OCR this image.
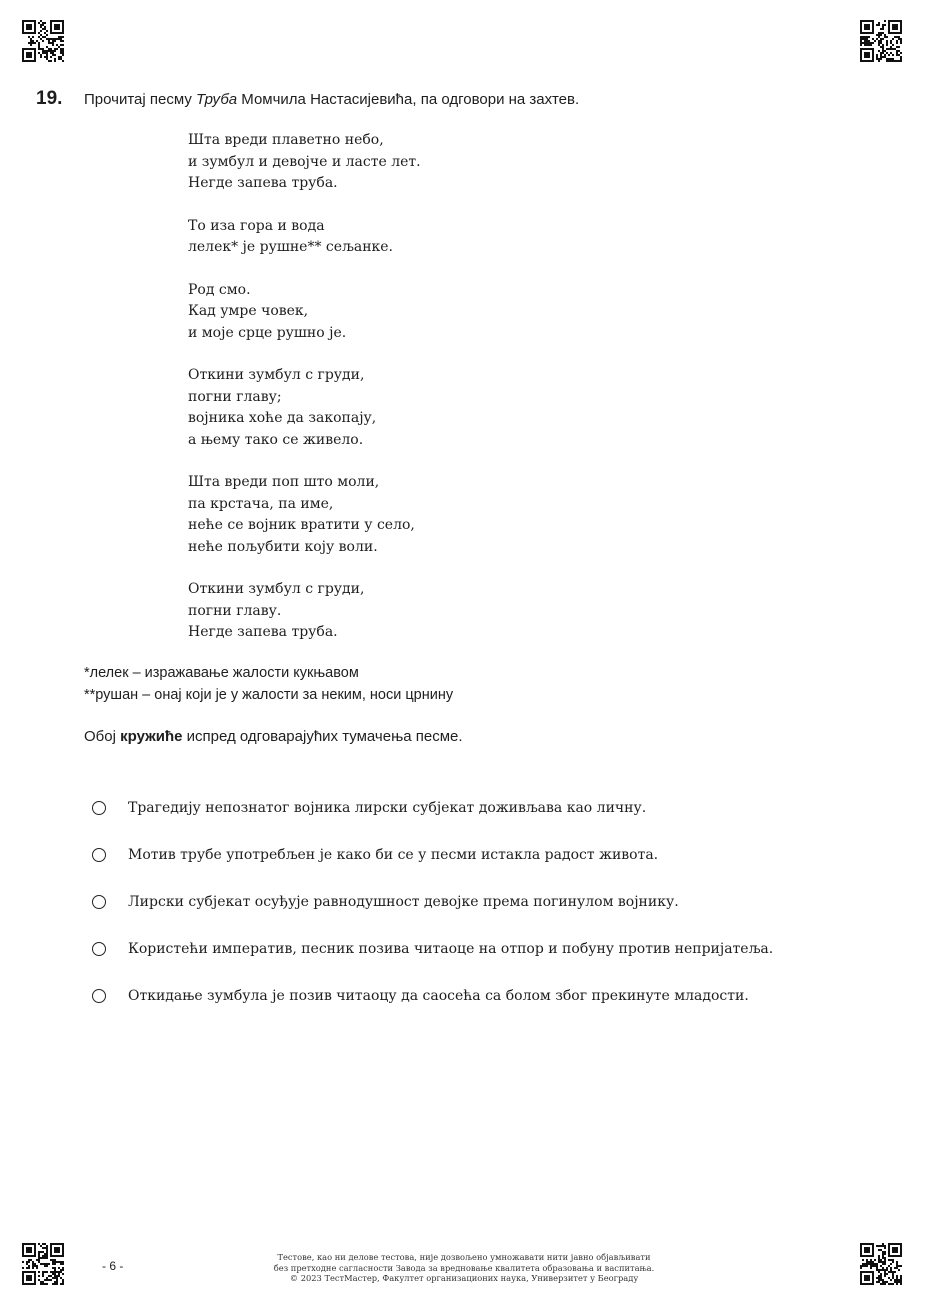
19. Прочитај песму Труба Момчила Настасијевића, па одговори на захтев.
Шта вреди плаветно небо,
и зумбул и девојче и ласте лет.
Негде запева труба.
То иза гора и вода
лелек* је рушне** сељанке.
Род смо.
Кад умре човек,
и моје срце рушно је.
Откини зумбул с груди,
погни главу;
војника хоће да закопају,
а њему тако се живело.
Шта вреди поп што моли,
па крстача, па име,
неће се војник вратити у село,
неће пољубити коју воли.
Откини зумбул с груди,
погни главу.
Негде запева труба.
*лелек – изражавање жалости кукњавом
**рушан – онај који је у жалости за неким, носи црнину
Обој кружиће испред одговарајућих тумачења песме.
Трагедију непознатог војника лирски субјекат доживљава као личну.
Мотив трубе употребљен је како би се у песми истакла радост живота.
Лирски субјекат осуђује равнодушност девојке према погинулом војнику.
Користећи императив, песник позива читаоце на отпор и побуну против непријатеља.
Откидање зумбула је позив читаоцу да саосећа са болом због прекинуте младости.
- 6 -
Тестове, као ни делове тестова, није дозвољено умножавати нити јавно објављивати
без претходне сагласности Завода за вредновање квалитета образовања и васпитања.
© 2023 ТестМастер, Факултет организационих наука, Универзитет у Београду
